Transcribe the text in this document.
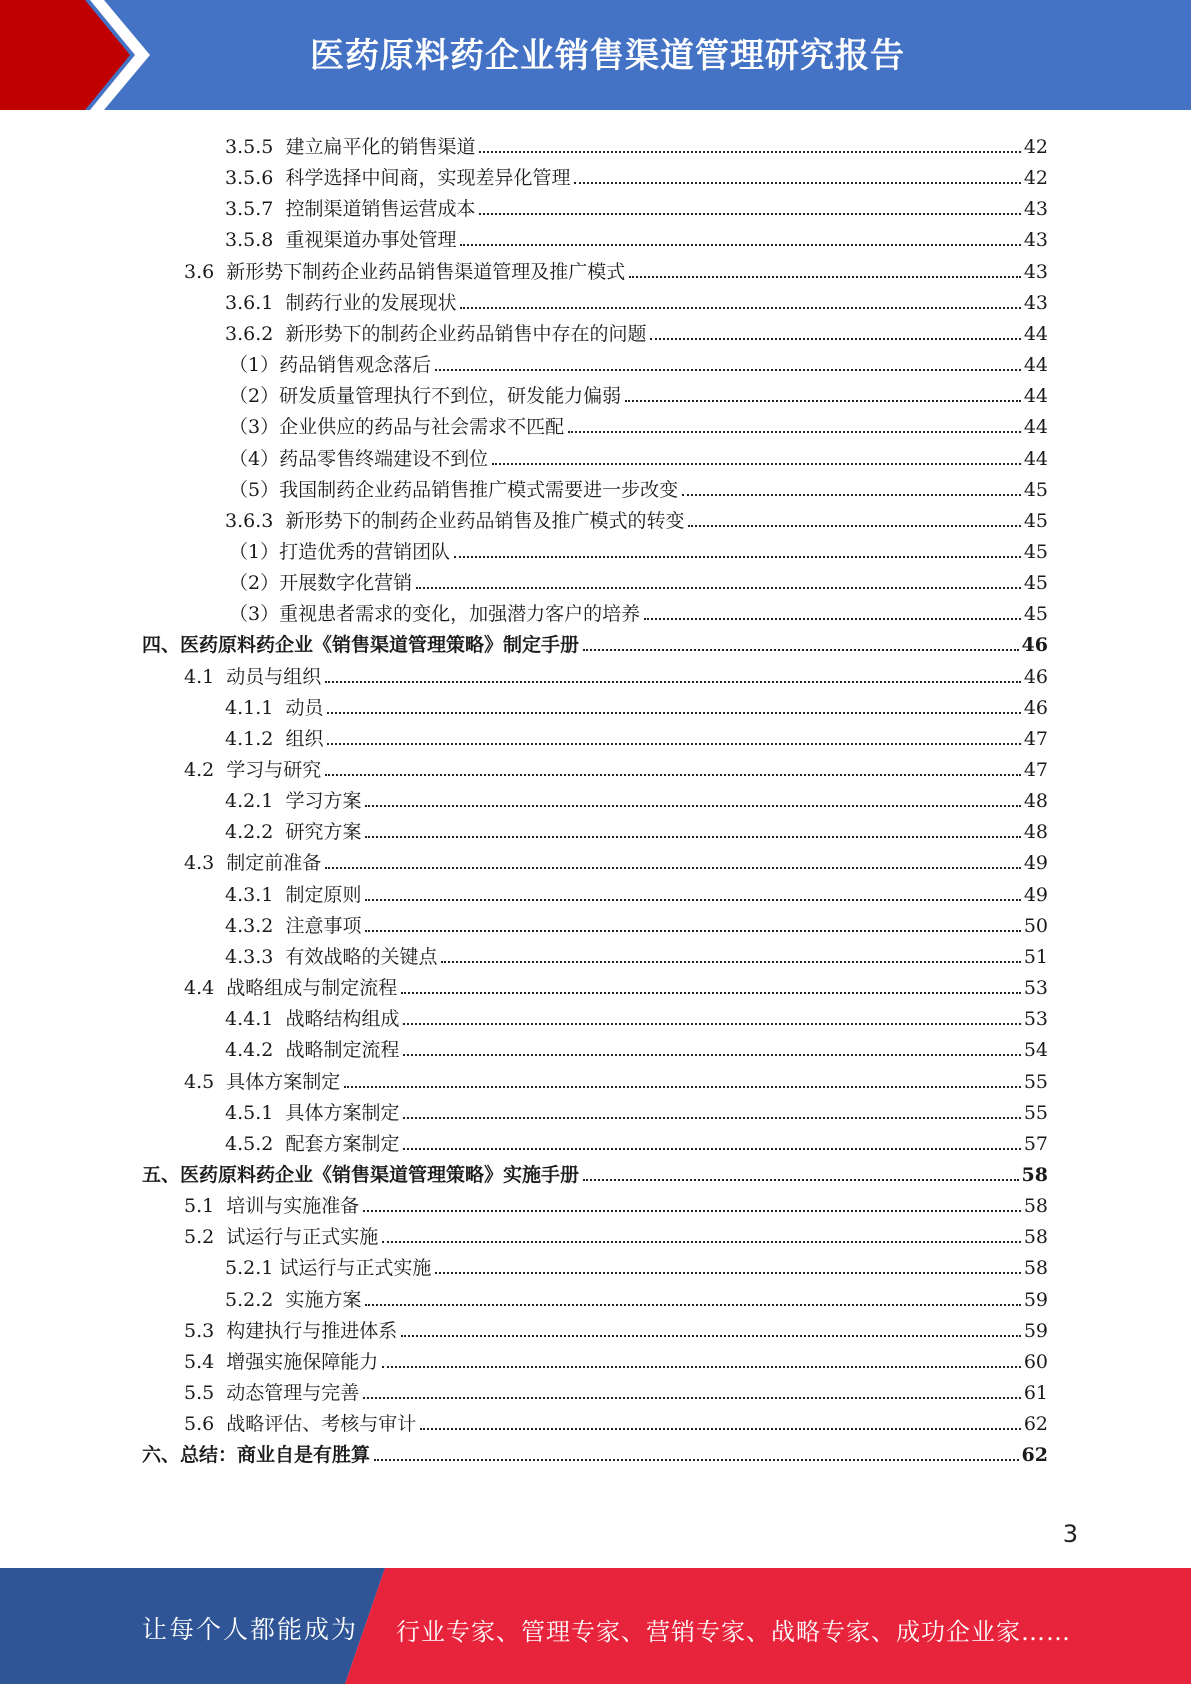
医药原料药企业销售渠道管理研究报告
3.5.5 建立扁平化的销售渠道	42
3.5.6 科学选择中间商，实现差异化管理	42
3.5.7 控制渠道销售运营成本	43
3.5.8 重视渠道办事处管理	43
3.6 新形势下制药企业药品销售渠道管理及推广模式	43
3.6.1 制药行业的发展现状	43
3.6.2 新形势下的制药企业药品销售中存在的问题	44
（1） 药品销售观念落后	44
（2） 研发质量管理执行不到位，研发能力偏弱	44
（3） 企业供应的药品与社会需求不匹配	44
（4） 药品零售终端建设不到位	44
（5） 我国制药企业药品销售推广模式需要进一步改变	45
3.6.3 新形势下的制药企业药品销售及推广模式的转变	45
（1） 打造优秀的营销团队	45
（2） 开展数字化营销	45
（3） 重视患者需求的变化，加强潜力客户的培养	45
四、医药原料药企业《销售渠道管理策略》制定手册	46
4.1 动员与组织	46
4.1.1 动员	46
4.1.2 组织	47
4.2 学习与研究	47
4.2.1 学习方案	48
4.2.2 研究方案	48
4.3 制定前准备	49
4.3.1 制定原则	49
4.3.2 注意事项	50
4.3.3 有效战略的关键点	51
4.4 战略组成与制定流程	53
4.4.1 战略结构组成	53
4.4.2 战略制定流程	54
4.5 具体方案制定	55
4.5.1 具体方案制定	55
4.5.2 配套方案制定	57
五、医药原料药企业《销售渠道管理策略》实施手册	58
5.1 培训与实施准备	58
5.2 试运行与正式实施	58
5.2.1 试运行与正式实施	58
5.2.2 实施方案	59
5.3 构建执行与推进体系	59
5.4 增强实施保障能力	60
5.5 动态管理与完善	61
5.6 战略评估、考核与审计	62
六、总结：商业自是有胜算	62
3
让每个人都能成为 行业专家、管理专家、营销专家、战略专家、成功企业家……
